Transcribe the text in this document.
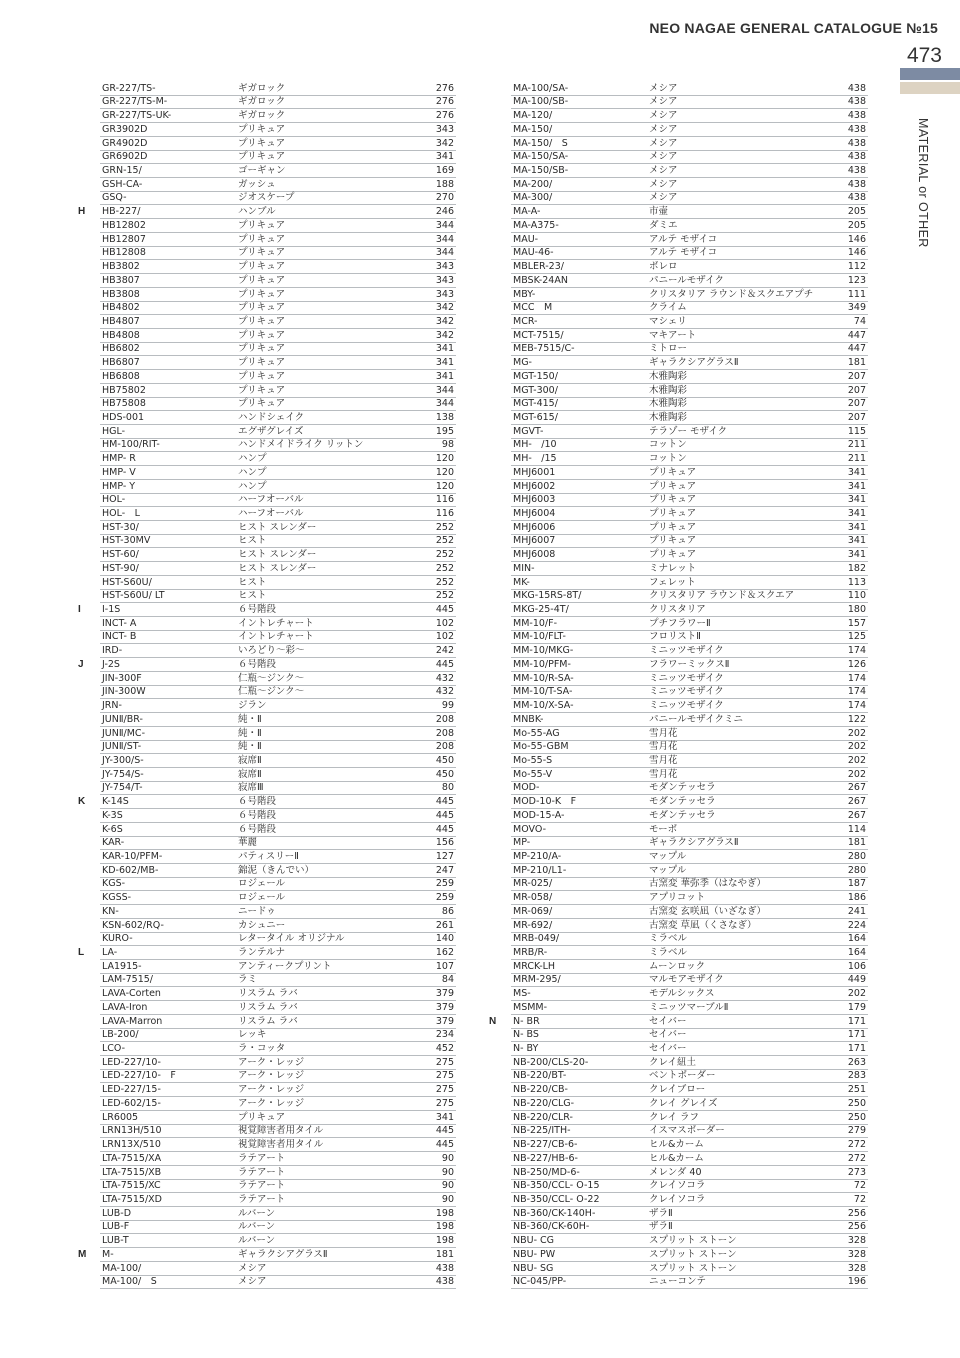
NEO NAGAE GENERAL CATALOGUE №15
473
MATERIAL or OTHER
GR-227/TS-	ギガロック	276
GR-227/TS-M-	ギガロック	276
GR-227/TS-UK-	ギガロック	276
GR3902D	プリキュア	343
GR4902D	プリキュア	342
GR6902D	プリキュア	341
GRN-15/	ゴーギャン	169
GSH-CA-	ガッシュ	188
GSQ-	ジオスケープ	270
H HB-227/	ハンブル	246
HB12802	プリキュア	344
HB12807	プリキュア	344
HB12808	プリキュア	344
HB3802	プリキュア	343
HB3807	プリキュア	343
HB3808	プリキュア	343
HB4802	プリキュア	342
HB4807	プリキュア	342
HB4808	プリキュア	342
HB6802	プリキュア	341
HB6807	プリキュア	341
HB6808	プリキュア	341
HB75802	プリキュア	344
HB75808	プリキュア	344
HDS-001	ハンドシェイク	138
HGL-	エグザグレイズ	195
HM-100/RIT-	ハンドメイドライク リットン	98
HMP- R	ハンプ	120
HMP- V	ハンプ	120
HMP- Y	ハンプ	120
HOL-	ハーフオーバル	116
HOL-　L	ハーフオーバル	116
HST-30/	ヒスト スレンダー	252
HST-30MV	ヒスト	252
HST-60/	ヒスト スレンダー	252
HST-90/	ヒスト スレンダー	252
HST-S60U/	ヒスト	252
HST-S60U/ LT	ヒスト	252
I I-1S	６号階段	445
INCT- A	イントレチャート	102
INCT- B	イントレチャート	102
IRD-	いろどり〜彩〜	242
J J-2S	６号階段	445
JIN-300F	仁瓶〜ジンク〜	432
JIN-300W	仁瓶〜ジンク〜	432
JRN-	ジラン	99
JUNⅡ/BR-	純・Ⅱ	208
JUNⅡ/MC-	純・Ⅱ	208
JUNⅡ/ST-	純・Ⅱ	208
JY-300/S-	寂席Ⅱ	450
JY-754/S-	寂席Ⅱ	450
JY-754/T-	寂席Ⅲ	80
K K-14S	６号階段	445
K-3S	６号階段	445
K-6S	６号階段	445
KAR-	華麗	156
KAR-10/PFM-	パティスリーⅡ	127
KD-602/MB-	錦泥（きんでい）	247
KGS-	ロジェール	259
KGSS-	ロジェール	259
KN-	ニードゥ	86
KSN-602/RQ-	カシュニー	261
KURO-	レタータイル オリジナル	140
L LA-	ランテルナ	162
LA1915-	アンティークプリント	107
LAM-7515/	ラミ	84
LAVA-Corten	リスラム ラバ	379
LAVA-Iron	リスラム ラバ	379
LAVA-Marron	リスラム ラバ	379
LB-200/	レッキ	234
LCO-	ラ・コッタ	452
LED-227/10-	アーク・レッジ	275
LED-227/10-　F	アーク・レッジ	275
LED-227/15-	アーク・レッジ	275
LED-602/15-	アーク・レッジ	275
LR6005	プリキュア	341
LRN13H/510	視覚障害者用タイル	445
LRN13X/510	視覚障害者用タイル	445
LTA-7515/XA	ラテアート	90
LTA-7515/XB	ラテアート	90
LTA-7515/XC	ラテアート	90
LTA-7515/XD	ラテアート	90
LUB-D	ルバーン	198
LUB-F	ルバーン	198
LUB-T	ルバーン	198
M M-	ギャラクシアグラスⅡ	181
MA-100/	メシア	438
MA-100/　S	メシア	438
MA-100/SA-	メシア	438
MA-100/SB-	メシア	438
MA-120/	メシア	438
MA-150/	メシア	438
MA-150/　S	メシア	438
MA-150/SA-	メシア	438
MA-150/SB-	メシア	438
MA-200/	メシア	438
MA-300/	メシア	438
MA-A-	市壷	205
MA-A375-	ダミエ	205
MAU-	アルテ モザイコ	146
MAU-46-	アルテ モザイコ	146
MBLER-23/	ボレロ	112
MBSK-24AN	パニールモザイク	123
MBY-	クリスタリア ラウンド＆スクエアプチ	111
MCC　M	クライム	349
MCR-	マシェリ	74
MCT-7515/	マキアート	447
MEB-7515/C-	ミトロー	447
MG-	ギャラクシアグラスⅡ	181
MGT-150/	木雅陶彩	207
MGT-300/	木雅陶彩	207
MGT-415/	木雅陶彩	207
MGT-615/	木雅陶彩	207
MGVT-	テラゾー モザイク	115
MH-　/10	コットン	211
MH-　/15	コットン	211
MHJ6001	プリキュア	341
MHJ6002	プリキュア	341
MHJ6003	プリキュア	341
MHJ6004	プリキュア	341
MHJ6006	プリキュア	341
MHJ6007	プリキュア	341
MHJ6008	プリキュア	341
MIN-	ミナレット	182
MK-	フェレット	113
MKG-15RS-8T/	クリスタリア ラウンド＆スクエア	110
MKG-25-4T/	クリスタリア	180
MM-10/F-	プチフラワーⅡ	157
MM-10/FLT-	フロリストⅡ	125
MM-10/MKG-	ミニッツモザイク	174
MM-10/PFM-	フラワーミックスⅡ	126
MM-10/R-SA-	ミニッツモザイク	174
MM-10/T-SA-	ミニッツモザイク	174
MM-10/X-SA-	ミニッツモザイク	174
MNBK-	パニールモザイクミニ	122
Mo-55-AG	雪月花	202
Mo-55-GBM	雪月花	202
Mo-55-S	雪月花	202
Mo-55-V	雪月花	202
MOD-	モダンテッセラ	267
MOD-10-K　F	モダンテッセラ	267
MOD-15-A-	モダンテッセラ	267
MOVO-	モーボ	114
MP-	ギャラクシアグラスⅡ	181
MP-210/A-	マップル	280
MP-210/L1-	マップル	280
MR-025/	古窯変 華弥季（はなやぎ）	187
MR-058/	アプリコット	186
MR-069/	古窯変 玄咲凪（いざなぎ）	241
MR-692/	古窯変 草凪（くさなぎ）	224
MRB-049/	ミラベル	164
MRB/R-	ミラベル	164
MRCK-LH	ムーンロック	106
MRM-295/	マルモアモザイク	449
MS-	モデルシックス	202
MSMM-	ミニッツマーブルⅡ	179
N N- BR	セイバー	171
N- BS	セイバー	171
N- BY	セイバー	171
NB-200/CLS-20-	クレイ紐土	263
NB-220/BT-	ベントボーダー	283
NB-220/CB-	クレイブロー	251
NB-220/CLG-	クレイ グレイズ	250
NB-220/CLR-	クレイ ラフ	250
NB-225/ITH-	イスマスボーダー	279
NB-227/CB-6-	ヒル&カーム	272
NB-227/HB-6-	ヒル&カーム	272
NB-250/MD-6-	メレンダ 40	273
NB-350/CCL- O-15	クレイソコラ	72
NB-350/CCL- O-22	クレイソコラ	72
NB-360/CK-140H-	ザラⅡ	256
NB-360/CK-60H-	ザラⅡ	256
NBU- CG	スプリット ストーン	328
NBU- PW	スプリット ストーン	328
NBU- SG	スプリット ストーン	328
NC-045/PP-	ニューコンテ	196
